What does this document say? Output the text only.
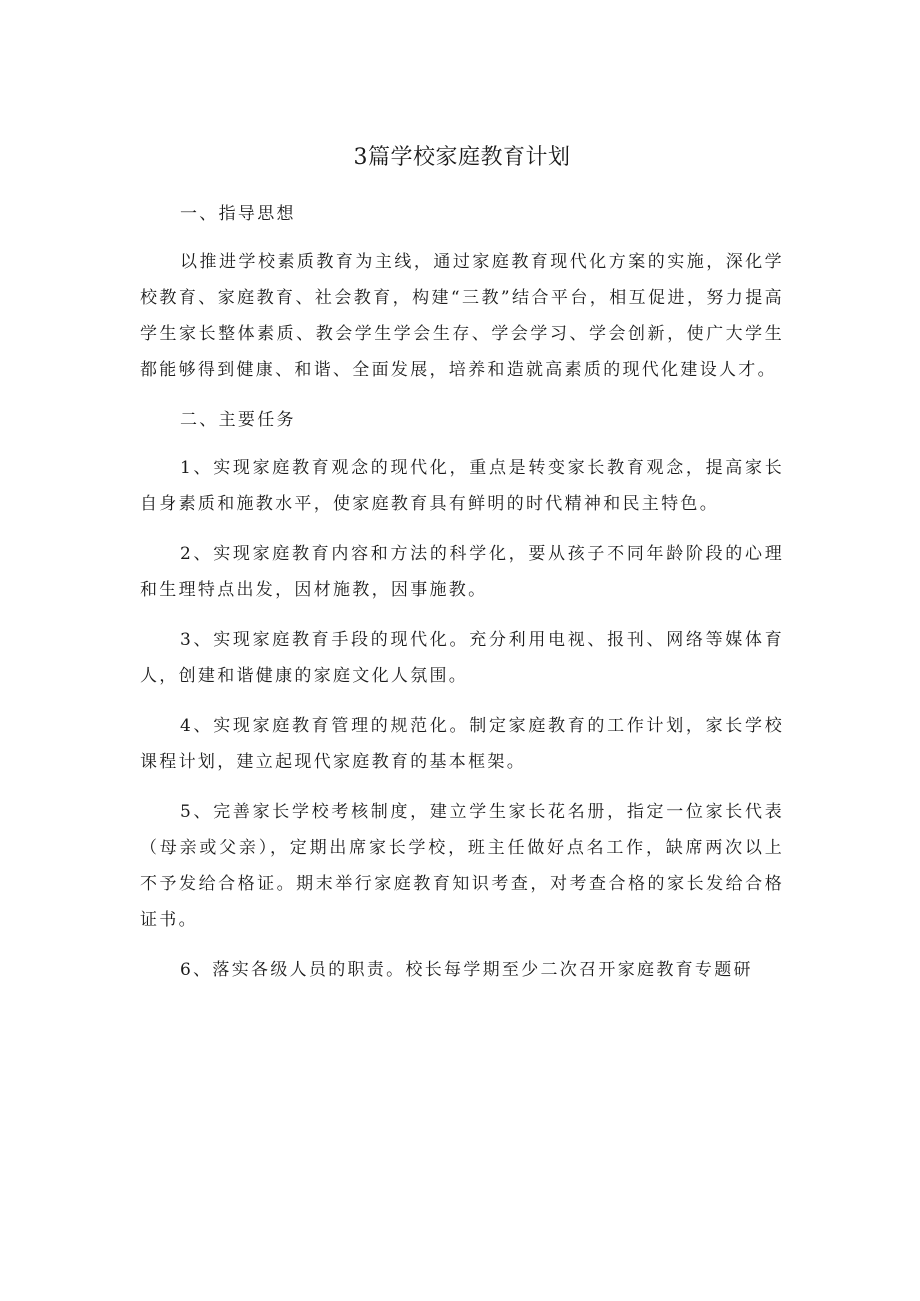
3篇学校家庭教育计划

一、指导思想

以推进学校素质教育为主线，通过家庭教育现代化方案的实施，深化学校教育、家庭教育、社会教育，构建“三教”结合平台，相互促进，努力提高学生家长整体素质、教会学生学会生存、学会学习、学会创新，使广大学生都能够得到健康、和谐、全面发展，培养和造就高素质的现代化建设人才。

二、主要任务

1、实现家庭教育观念的现代化，重点是转变家长教育观念，提高家长自身素质和施教水平，使家庭教育具有鲜明的时代精神和民主特色。

2、实现家庭教育内容和方法的科学化，要从孩子不同年龄阶段的心理和生理特点出发，因材施教，因事施教。

3、实现家庭教育手段的现代化。充分利用电视、报刊、网络等媒体育人，创建和谐健康的家庭文化人氛围。

4、实现家庭教育管理的规范化。制定家庭教育的工作计划，家长学校课程计划，建立起现代家庭教育的基本框架。

5、完善家长学校考核制度，建立学生家长花名册，指定一位家长代表（母亲或父亲），定期出席家长学校，班主任做好点名工作，缺席两次以上不予发给合格证。期末举行家庭教育知识考查，对考查合格的家长发给合格证书。

6、落实各级人员的职责。校长每学期至少二次召开家庭教育专题研
